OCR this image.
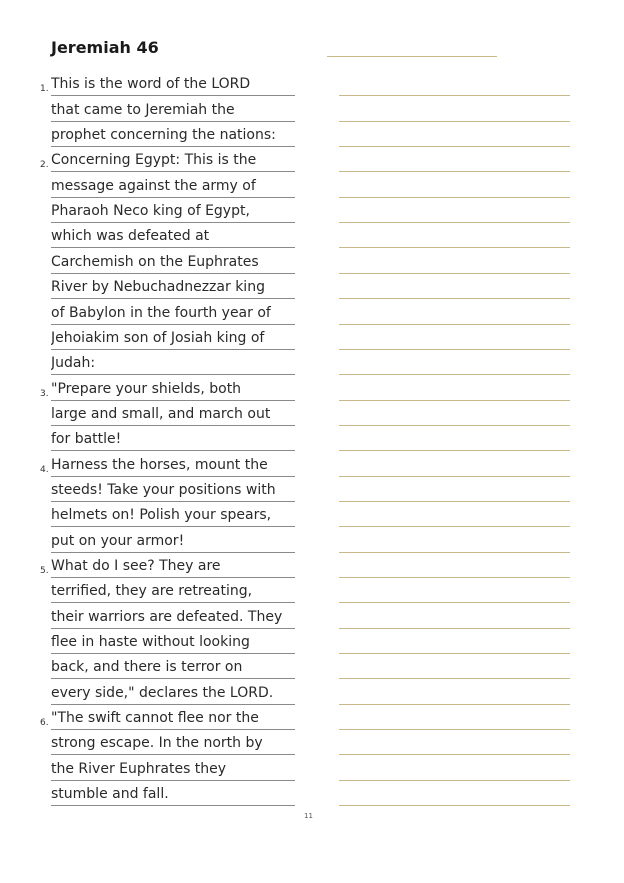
Jeremiah 46
1. This is the word of the LORD
that came to Jeremiah the
prophet concerning the nations:
2. Concerning Egypt: This is the
message against the army of
Pharaoh Neco king of Egypt,
which was defeated at
Carchemish on the Euphrates
River by Nebuchadnezzar king
of Babylon in the fourth year of
Jehoiakim son of Josiah king of
Judah:
3. "Prepare your shields, both
large and small, and march out
for battle!
4. Harness the horses, mount the
steeds! Take your positions with
helmets on! Polish your spears,
put on your armor!
5. What do I see? They are
terrified, they are retreating,
their warriors are defeated. They
flee in haste without looking
back, and there is terror on
every side," declares the LORD.
6. "The swift cannot flee nor the
strong escape. In the north by
the River Euphrates they
stumble and fall.
11
